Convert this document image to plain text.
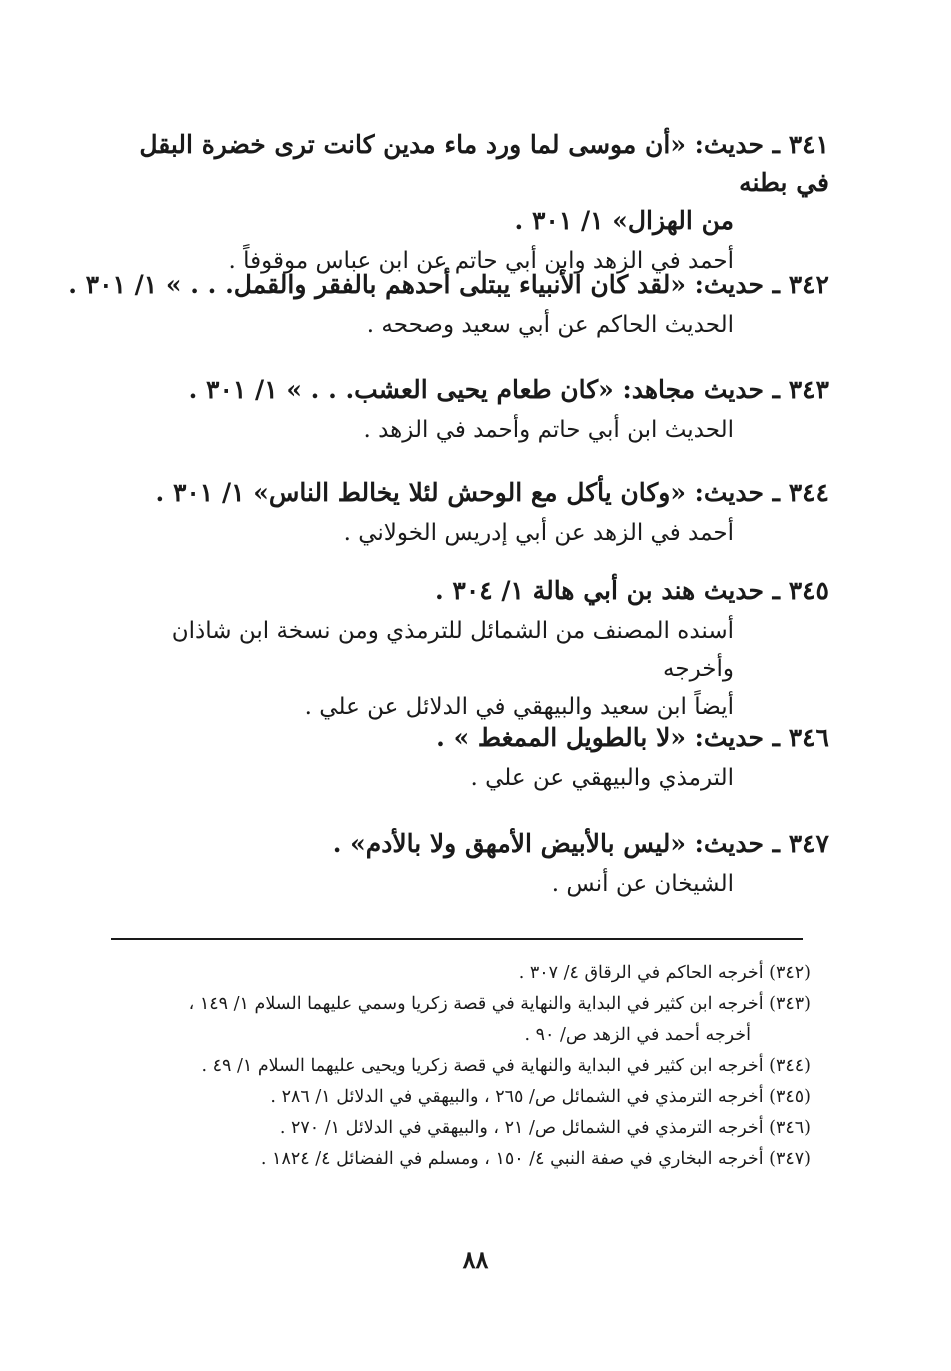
٣٤١ ـ حديث: «أن موسى لما ورد ماء مدين كانت ترى خضرة البقل في بطنه
من الهزال» ١/ ٣٠١ .
أحمد في الزهد وابن أبي حاتم عن ابن عباس موقوفاً .
٣٤٢ ـ حديث: «لقد كان الأنبياء يبتلى أحدهم بالفقر والقمل. . . » ١/ ٣٠١ .
الحديث الحاكم عن أبي سعيد وصححه .
٣٤٣ ـ حديث مجاهد: «كان طعام يحيى العشب. . . » ١/ ٣٠١ .
الحديث ابن أبي حاتم وأحمد في الزهد .
٣٤٤ ـ حديث: «وكان يأكل مع الوحش لئلا يخالط الناس» ١/ ٣٠١ .
أحمد في الزهد عن أبي إدريس الخولاني .
٣٤٥ ـ حديث هند بن أبي هالة ١/ ٣٠٤ .
أسنده المصنف من الشمائل للترمذي ومن نسخة ابن شاذان وأخرجه
أيضاً ابن سعيد والبيهقي في الدلائل عن علي .
٣٤٦ ـ حديث: «لا بالطويل الممغط » .
الترمذي والبيهقي عن علي .
٣٤٧ ـ حديث: «ليس بالأبيض الأمهق ولا بالأدم» .
الشيخان عن أنس .
(٣٤٢) أخرجه الحاكم في الرقاق ٤/ ٣٠٧ .
(٣٤٣) أخرجه ابن كثير في البداية والنهاية في قصة زكريا وسمي عليهما السلام ١/ ١٤٩ ،
أخرجه أحمد في الزهد ص/ ٩٠ .
(٣٤٤) أخرجه ابن كثير في البداية والنهاية في قصة زكريا ويحيى عليهما السلام ١/ ٤٩ .
(٣٤٥) أخرجه الترمذي في الشمائل ص/ ٢٦٥ ، والبيهقي في الدلائل ١/ ٢٨٦ .
(٣٤٦) أخرجه الترمذي في الشمائل ص/ ٢١ ، والبيهقي في الدلائل ١/ ٢٧٠ .
(٣٤٧) أخرجه البخاري في صفة النبي ٤/ ١٥٠ ، ومسلم في الفضائل ٤/ ١٨٢٤ .
٨٨
